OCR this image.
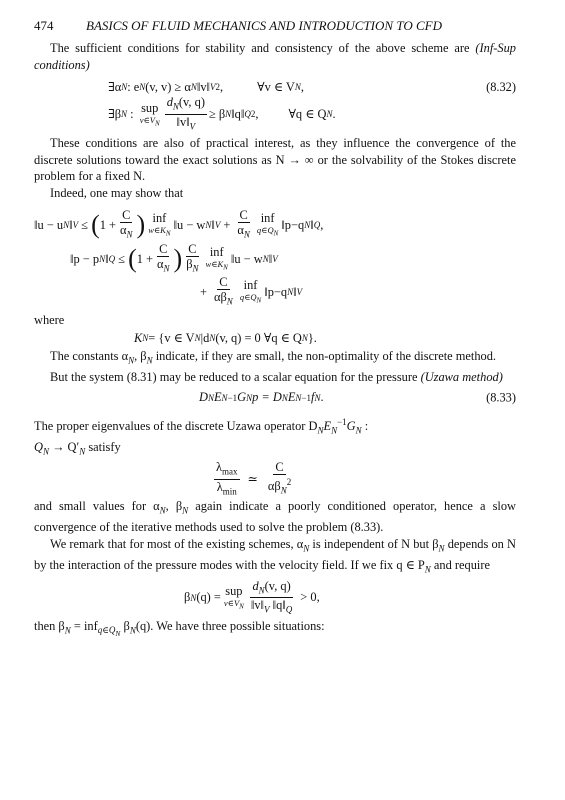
474	BASICS OF FLUID MECHANICS AND INTRODUCTION TO CFD

The sufficient conditions for stability and consistency of the above scheme are (Inf-Sup conditions)

∃α N : e N (v, v) ≥ α N ‖v‖ V 2 ,	∀v ∈ V N ,	(8.32)
∃β N : sup
$v\in V_N \frac{d_N(v, q)}{‖v‖_V} \ge \beta$ N ‖q‖ Q 2 , ∀q ∈ Q N .

These conditions are also of practical interest, as they influence the convergence of the discrete solutions toward the exact solutions as N → ∞ or the solvability of the Stokes discrete problem for a fixed N.

Indeed, one may show that

‖u − u N ‖ V ≤ ( $1 + \frac{C}{\alpha_N}$ ) inf
$w\in K_N$
‖u − w N ‖ $V + \frac{C}{\alpha_N}$ inf
$q\in Q_N$
‖p−q N ‖ Q ,
‖p − p N ‖ Q ≤ ( $1 + \frac{C}{\alpha_N}$ ) $\frac{C}{\beta_N}$ inf
$w\in K_N$
‖u − w N ‖ V
+ $\frac{C}{\alpha\beta_N}$ inf
$q\in Q_N$
‖p−q N ‖ V

where

K N = {v ∈ V N |d N (v, q) = 0 ∀q ∈ Q N }.

The constants $\alpha_N$, $\beta_N$ indicate, if they are small, the non-optimality of the discrete method.

But the system (8.31) may be reduced to a scalar equation for the pressure (Uzawa method)

D N E N −1 G N p = D N E N −1 f N .	(8.33)

The proper eigenvalues of the discrete Uzawa operator $D_NE_N^{-1}G_N$ :
$Q_N \to Q'_N$ satisfy

$\frac{\lambda_{max}}{\lambda_{min}}$ ≃ $\frac{C}{\alpha\beta_N^2}$

and small values for $\alpha_N$, $\beta_N$ again indicate a poorly conditioned operator, hence a slow convergence of the iterative methods used to solve the problem (8.33).

We remark that for most of the existing schemes, $\alpha_N$ is independent of N but $\beta_N$ depends on N by the interaction of the pressure modes with the velocity field. If we fix q ∈ $P_N$ and require

β N (q) = sup
$v\in V_N \frac{d_N(v, q)}{‖v‖_V ‖q‖_Q} > 0$,

then $\beta_N = inf_{q\in Q_N}$ $\beta_N(q)$. We have three possible situations:
